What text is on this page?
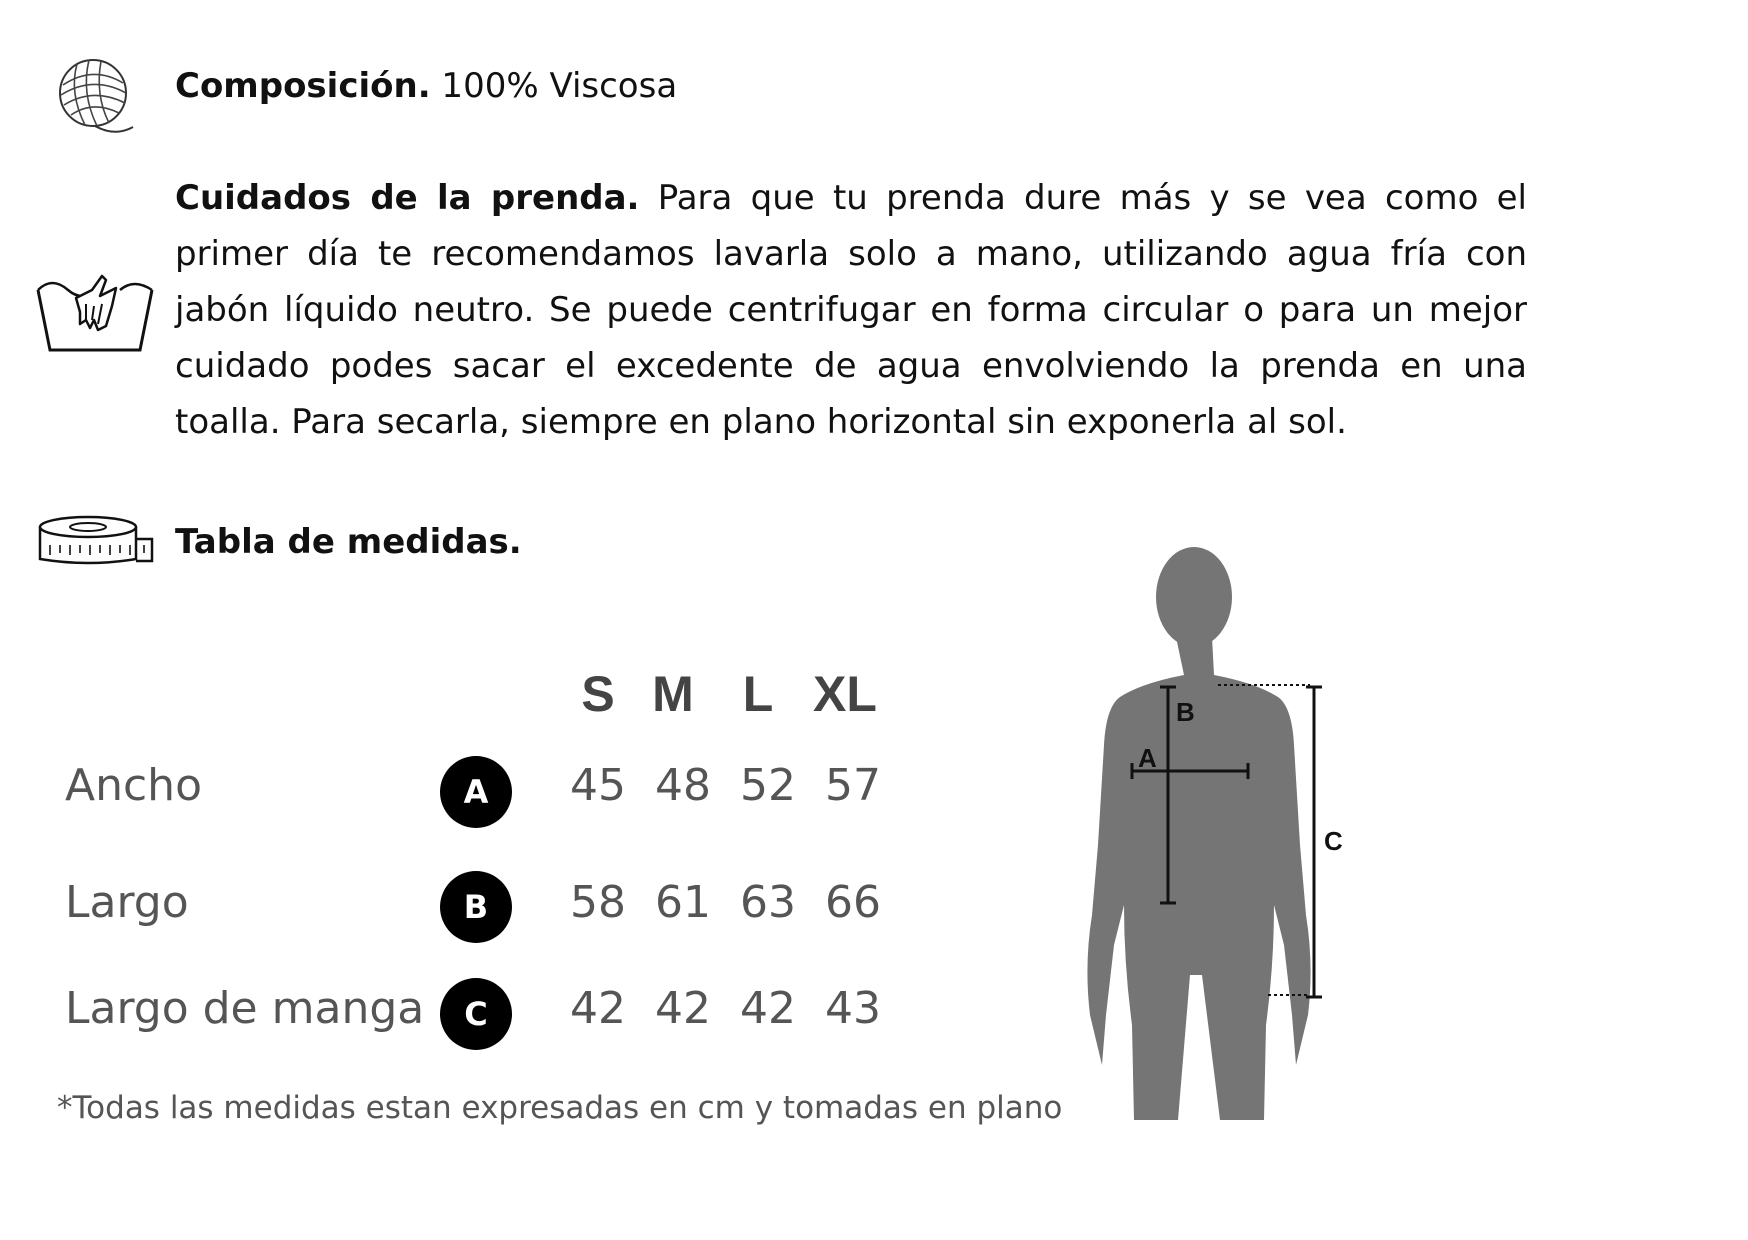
Composición. 100% Viscosa
Cuidados de la prenda. Para que tu prenda dure más y se vea como el primer día te recomendamos lavarla solo a mano, utilizando agua fría con jabón líquido neutro. Se puede centrifugar en forma circular o para un mejor cuidado podes sacar el excedente de agua envolviendo la prenda en una toalla. Para secarla, siempre en plano horizontal sin exponerla al sol.
Tabla de medidas.
S M L XL
Ancho	A	45 48 52 57
Largo	B	58 61 63 66
Largo de manga	C	42 42 42 43
*Todas las medidas estan expresadas en cm y tomadas en plano
B
A
C
